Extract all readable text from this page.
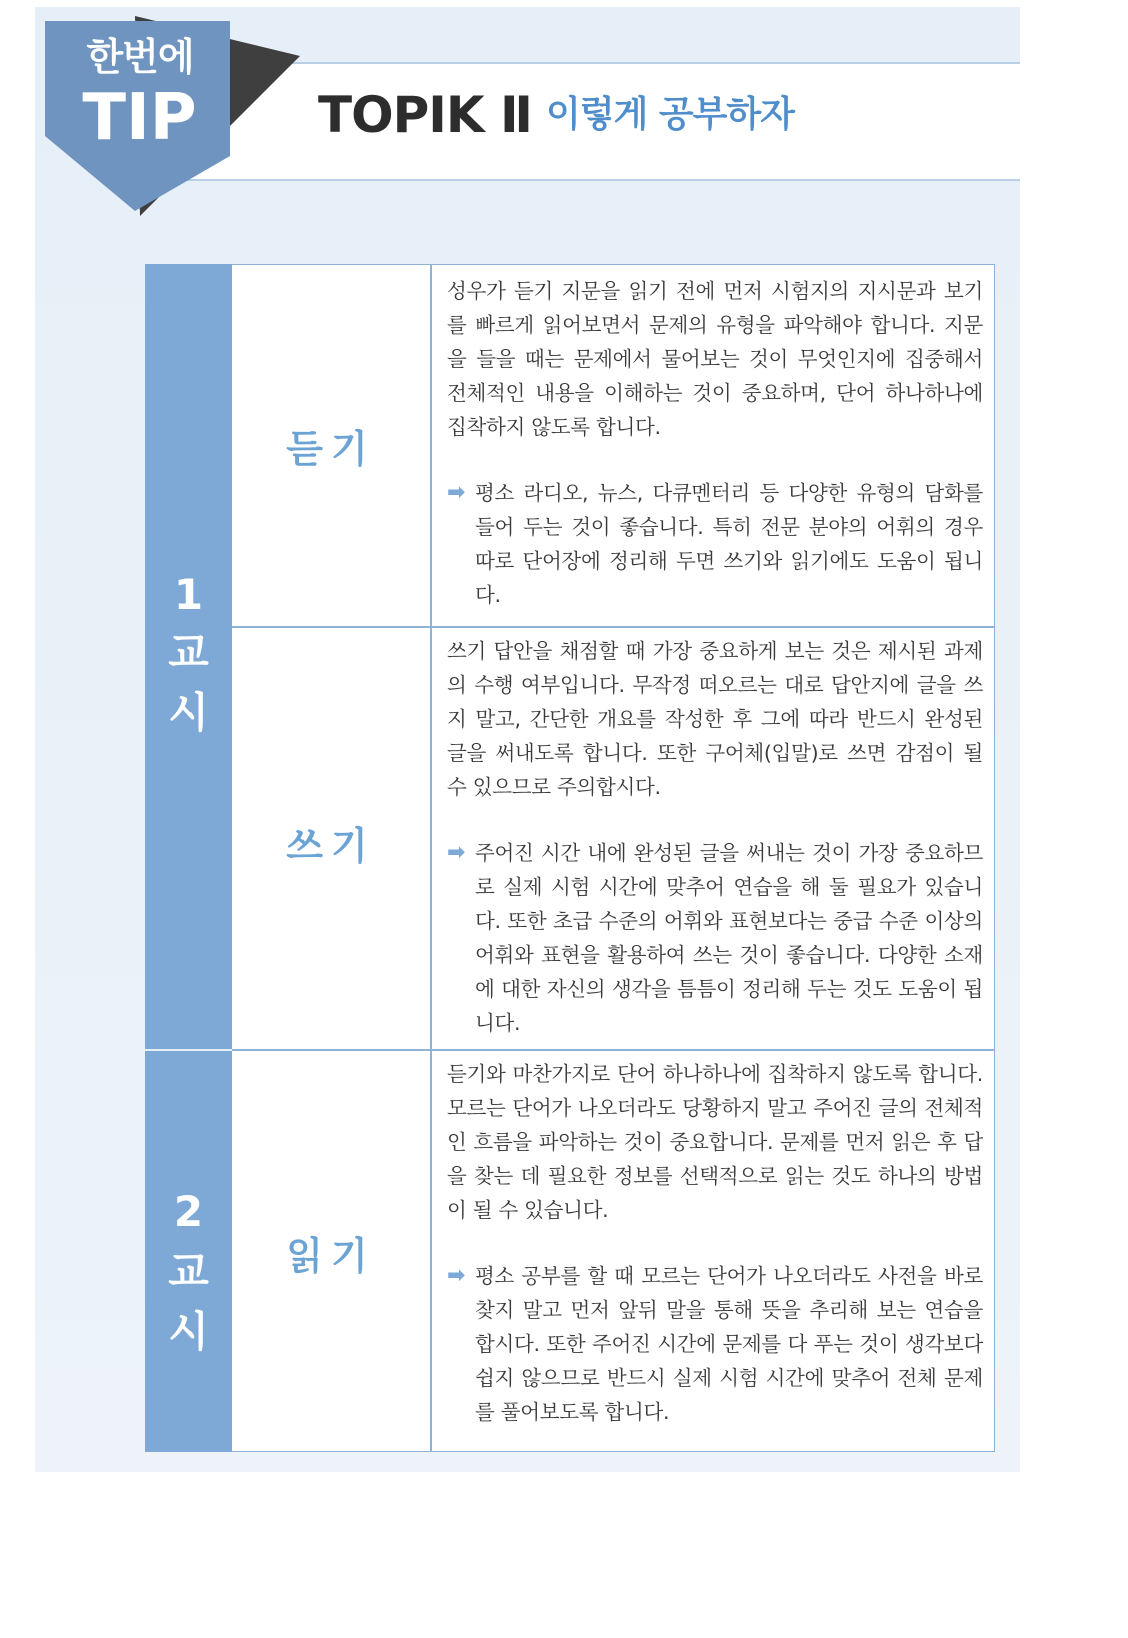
한번에
TIP TOPIK Ⅱ 이렇게 공부하자
1
교
시
2
교
시
듣기
쓰기
읽기
성우가 듣기 지문을 읽기 전에 먼저 시험지의 지시문과 보기를 빠르게 읽어보면서 문제의 유형을 파악해야 합니다. 지문을 들을 때는 문제에서 물어보는 것이 무엇인지에 집중해서 전체적인 내용을 이해하는 것이 중요하며, 단어 하나하나에 집착하지 않도록 합니다.
➡ 평소 라디오, 뉴스, 다큐멘터리 등 다양한 유형의 담화를 들어 두는 것이 좋습니다. 특히 전문 분야의 어휘의 경우 따로 단어장에 정리해 두면 쓰기와 읽기에도 도움이 됩니다.
쓰기 답안을 채점할 때 가장 중요하게 보는 것은 제시된 과제의 수행 여부입니다. 무작정 떠오르는 대로 답안지에 글을 쓰지 말고, 간단한 개요를 작성한 후 그에 따라 반드시 완성된 글을 써내도록 합니다. 또한 구어체(입말)로 쓰면 감점이 될 수 있으므로 주의합시다.
➡ 주어진 시간 내에 완성된 글을 써내는 것이 가장 중요하므로 실제 시험 시간에 맞추어 연습을 해 둘 필요가 있습니다. 또한 초급 수준의 어휘와 표현보다는 중급 수준 이상의 어휘와 표현을 활용하여 쓰는 것이 좋습니다. 다양한 소재에 대한 자신의 생각을 틈틈이 정리해 두는 것도 도움이 됩니다.
듣기와 마찬가지로 단어 하나하나에 집착하지 않도록 합니다. 모르는 단어가 나오더라도 당황하지 말고 주어진 글의 전체적인 흐름을 파악하는 것이 중요합니다. 문제를 먼저 읽은 후 답을 찾는 데 필요한 정보를 선택적으로 읽는 것도 하나의 방법이 될 수 있습니다.
➡ 평소 공부를 할 때 모르는 단어가 나오더라도 사전을 바로 찾지 말고 먼저 앞뒤 말을 통해 뜻을 추리해 보는 연습을 합시다. 또한 주어진 시간에 문제를 다 푸는 것이 생각보다 쉽지 않으므로 반드시 실제 시험 시간에 맞추어 전체 문제를 풀어보도록 합니다.
